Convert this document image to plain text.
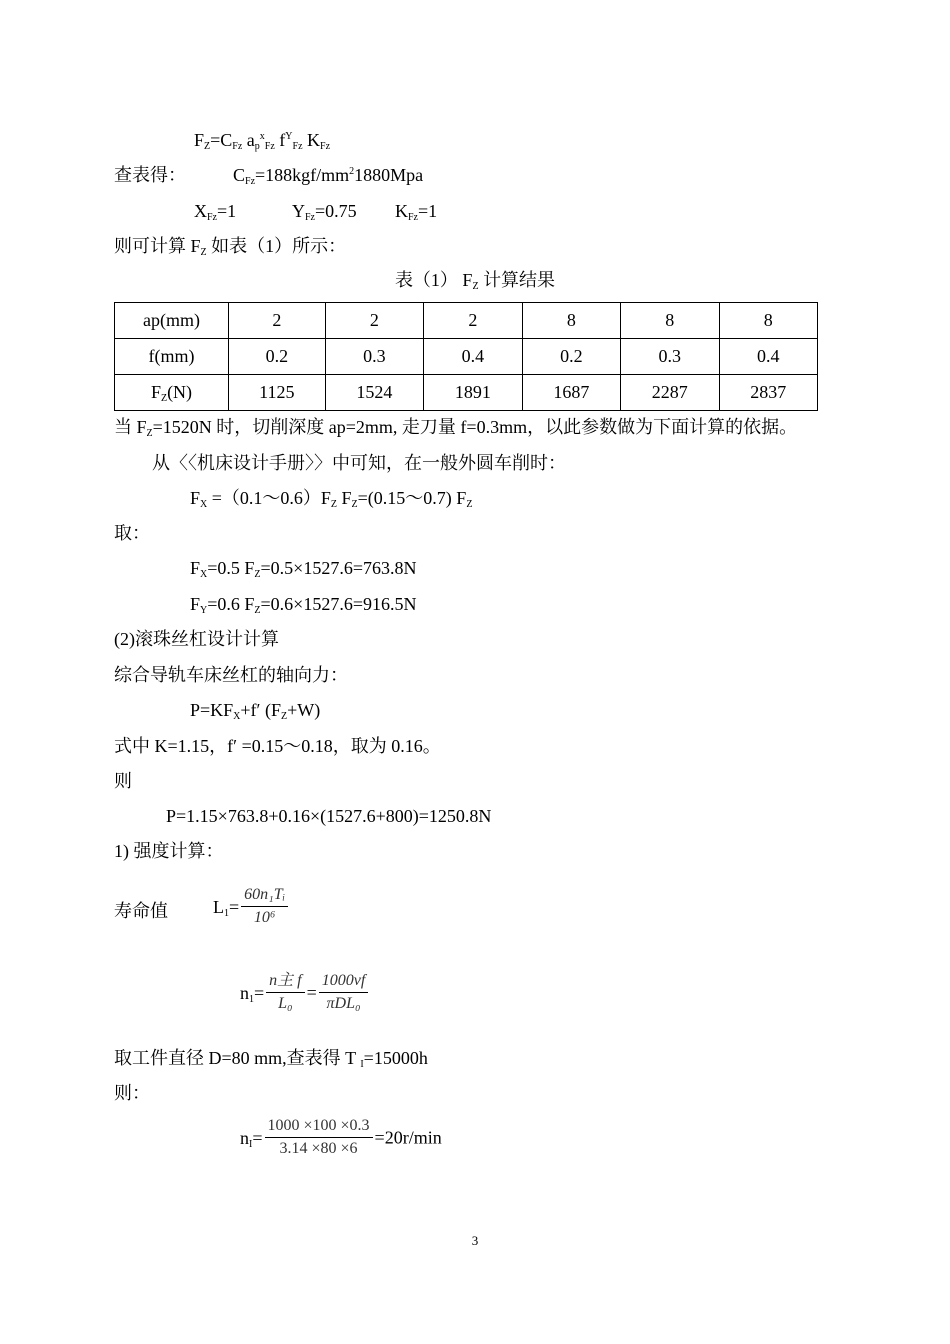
$F_Z=C_{Fz}$ $a_p^x_{Fz}$ $f^Y_{Fz}$ $K_{Fz}$
查表得：	$C_{Fz}=188kgf/mm^21880Mpa$
$X_{Fz}=1$	$Y_{Fz}=0.75$ $K_{Fz}=1$
则可计算 $F_Z$ 如表（1）所示：
表（1） $F_Z$ 计算结果
ap(mm)	2	2	2	8	8	8
f(mm)	0.2	0.3	0.4	0.2	0.3	0.4
$F_Z(N)$	1125	1524	1891	1687	2287	2837
当 $F_Z=1520N$ 时，切削深度 ap=2mm, 走刀量 f=0.3mm，以此参数做为下面计算的依据。
从〈〈机床设计手册〉〉中可知，在一般外圆车削时：
$F_X$ $=(0.1\sim 0.6)F_Z$ $F_Z=(0.15\sim 0.7)$ $F_Z$
取：
$F_X=0.5$ $F_Z=0.5\times 1527.6=763.8N$
$F_Y=0.6$ $F_Z=0.6\times 1527.6=916.5N$
(2)滚珠丝杠设计计算
综合导轨车床丝杠的轴向力：
$P=KF_X+f'$ $(F_Z+W)$
式中 K=1.15，f′ =0.15～0.18，取为 0.16。
则
P=1.15×763.8+0.16×(1527.6+800)=1250.8N
1) 强度计算：
寿命值	$L_1= \frac{\text{60n₁Tᵢ}}{\text{10⁶}}$
$n_1= \frac{\text{n主 f}}{\text{L₀}} = \frac{1000vf}{\text{πDL₀}}$
取工件直径 D=80 mm,查表得 T $_I$=15000h
则：
$n_I= \frac{1000 \times 100 \times 0.3}{3.14 \times 80 \times 6} =20r/\min$
3
